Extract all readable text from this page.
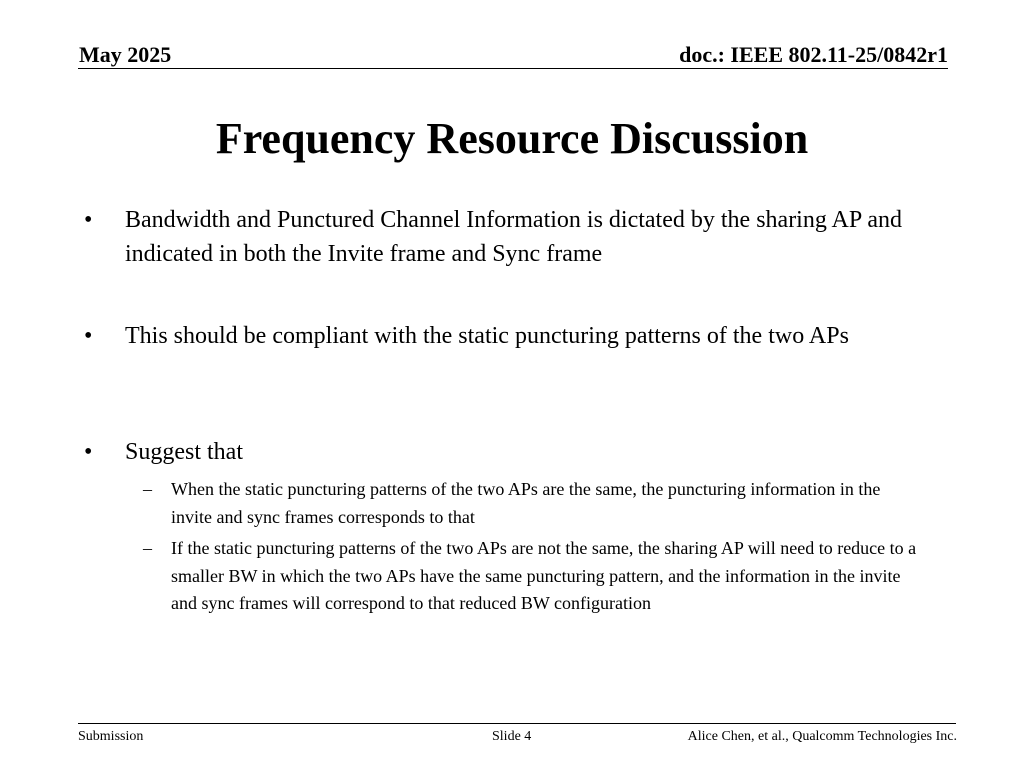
May 2025	doc.: IEEE 802.11-25/0842r1
Frequency Resource Discussion
•	Bandwidth and Punctured Channel Information is dictated by the sharing AP and indicated in both the Invite frame and Sync frame
•	This should be compliant with the static puncturing patterns of the two APs
•	Suggest that
– When the static puncturing patterns of the two APs are the same, the puncturing information in the invite and sync frames corresponds to that
– If the static puncturing patterns of the two APs are not the same, the sharing AP will need to reduce to a smaller BW in which the two APs have the same puncturing pattern, and the information in the invite and sync frames will correspond to that reduced BW configuration
Submission	Slide 4	Alice Chen, et al., Qualcomm Technologies Inc.
